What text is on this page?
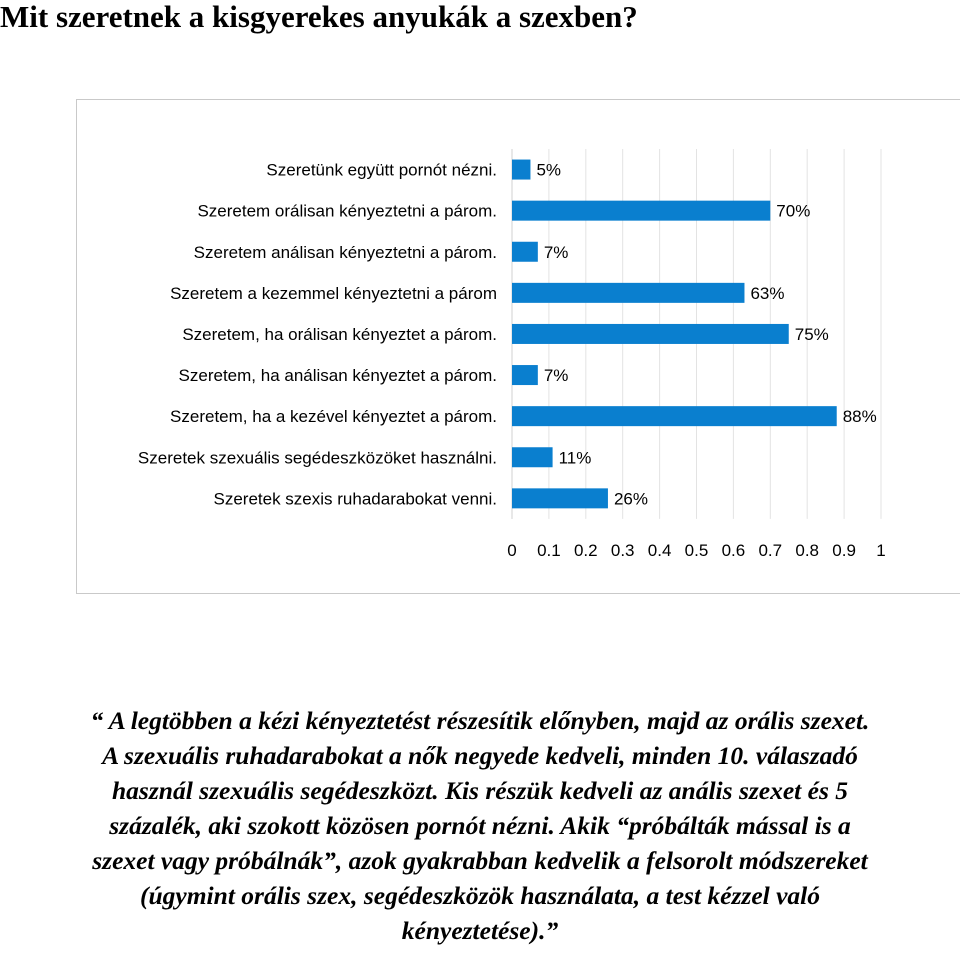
Mit szeretnek a kisgyerekes anyukák a szexben?
Szeretünk együtt pornót nézni. 5%
Szeretem orálisan kényeztetni a párom.	70%
Szeretem análisan kényeztetni a párom.	7%
Szeretem a kezemmel kényeztetni a párom	63%
Szeretem, ha orálisan kényeztet a párom.	75%
Szeretem, ha análisan kényeztet a párom.	7%
Szeretem, ha a kezével kényeztet a párom.	88%
Szeretek szexuális segédeszközöket használni.	11%
Szeretek szexis ruhadarabokat venni.	26%
0 0.1 0.2 0.3 0.4 0.5 0.6 0.7 0.8 0.9 1

“ A legtöbben a kézi kényeztetést részesítik előnyben, majd az orális szexet.

A szexuális ruhadarabokat a nők negyede kedveli, minden 10. válaszadó

használ szexuális segédeszközt. Kis részük kedveli az anális szexet és 5

százalék, aki szokott közösen pornót nézni. Akik “próbálták mással is a

szexet vagy próbálnák”, azok gyakrabban kedvelik a felsorolt módszereket

(úgymint orális szex, segédeszközök használata, a test kézzel való

kényeztetése).”
